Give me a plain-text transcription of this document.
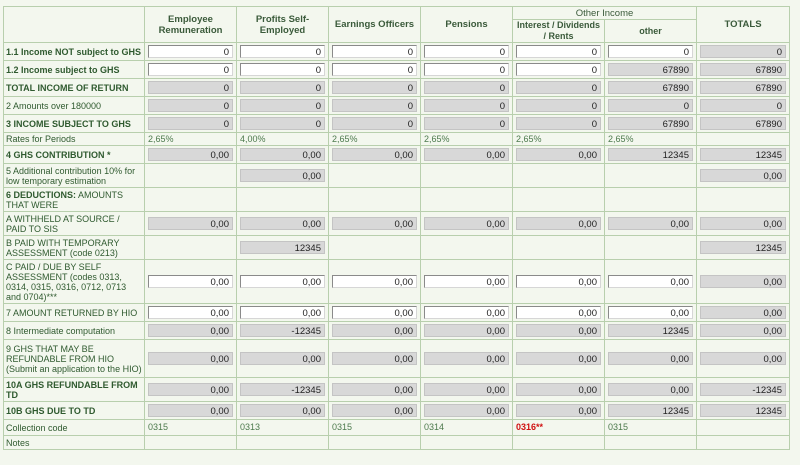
	Employee Remuneration	Profits Self-Employed	Earnings Officers	Pensions	Other Income		TOTALS
					Interest / Dividends / Rents	other	
1.1 Income NOT subject to GHS	0	0	0	0	0	0	0

1.2 Income subject to GHS	0	0	0	0	0	67890	67890

TOTAL INCOME OF RETURN	0	0	0	0	0	67890	67890

2 Amounts over 180000	0	0	0	0	0	0	0

3 INCOME SUBJECT TO GHS	0	0	0	0	0	67890	67890

Rates for Periods	2,65%	4,00%	2,65%	2,65%	2,65%	2,65%	
4 GHS CONTRIBUTION *	0,00	0,00	0,00	0,00	0,00	12345	12345

5 Additional contribution 10% for low temporary estimation		0,00					0,00

6 DEDUCTIONS: AMOUNTS THAT WERE							
A WITHHELD AT SOURCE / PAID TO SIS	0,00	0,00	0,00	0,00	0,00	0,00	0,00

B PAID WITH TEMPORARY ASSESSMENT (code 0213)		12345					12345

C PAID / DUE BY SELF ASSESSMENT (codes 0313, 0314, 0315, 0316, 0712, 0713 and 0704)***	0,00	0,00	0,00	0,00	0,00	0,00	0,00

7 AMOUNT RETURNED BY HIO	0,00	0,00	0,00	0,00	0,00	0,00	0,00

8 Intermediate computation	0,00	-12345	0,00	0,00	0,00	12345	0,00

9 GHS THAT MAY BE REFUNDABLE FROM HIO (Submit an application to the HIO)	0,00	0,00	0,00	0,00	0,00	0,00	0,00

10A GHS REFUNDABLE FROM TD	0,00	-12345	0,00	0,00	0,00	0,00	-12345

10B GHS DUE TO TD	0,00	0,00	0,00	0,00	0,00	12345	12345

Collection code	0315	0313	0315	0314	0316**	0315	
Notes							
